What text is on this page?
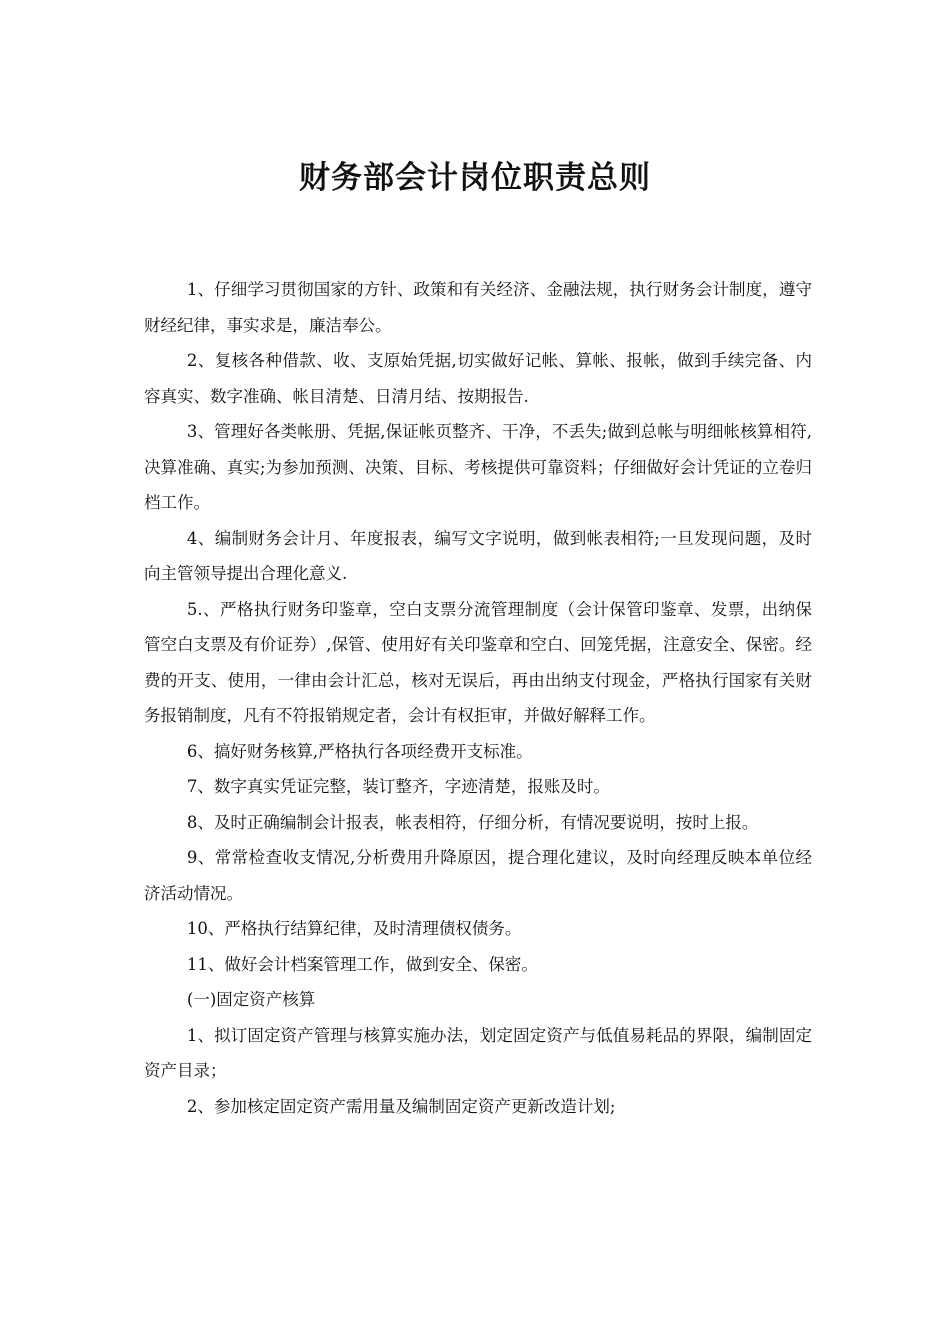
财务部会计岗位职责总则

1、仔细学习贯彻国家的方针、政策和有关经济、金融法规，执行财务会计制度，遵守财经纪律，事实求是，廉洁奉公。

2、复核各种借款、收、支原始凭据,切实做好记帐、算帐、报帐，做到手续完备、内容真实、数字准确、帐目清楚、日清月结、按期报告.

3、管理好各类帐册、凭据,保证帐页整齐、干净，不丢失;做到总帐与明细帐核算相符,决算准确、真实;为参加预测、决策、目标、考核提供可靠资料；仔细做好会计凭证的立卷归档工作。

4、编制财务会计月、年度报表，编写文字说明，做到帐表相符;一旦发现问题，及时向主管领导提出合理化意义.

5.、严格执行财务印鉴章，空白支票分流管理制度（会计保管印鉴章、发票，出纳保管空白支票及有价证券）,保管、使用好有关印鉴章和空白、回笼凭据，注意安全、保密。经费的开支、使用，一律由会计汇总，核对无误后，再由出纳支付现金，严格执行国家有关财务报销制度，凡有不符报销规定者，会计有权拒审，并做好解释工作。

6、搞好财务核算,严格执行各项经费开支标准。

7、数字真实凭证完整，装订整齐，字迹清楚，报账及时。

8、及时正确编制会计报表，帐表相符，仔细分析，有情况要说明，按时上报。

9、常常检查收支情况,分析费用升降原因，提合理化建议，及时向经理反映本单位经济活动情况。

10、严格执行结算纪律，及时清理债权债务。

11、做好会计档案管理工作，做到安全、保密。

(一)固定资产核算

1、拟订固定资产管理与核算实施办法，划定固定资产与低值易耗品的界限，编制固定资产目录；

2、参加核定固定资产需用量及编制固定资产更新改造计划;
